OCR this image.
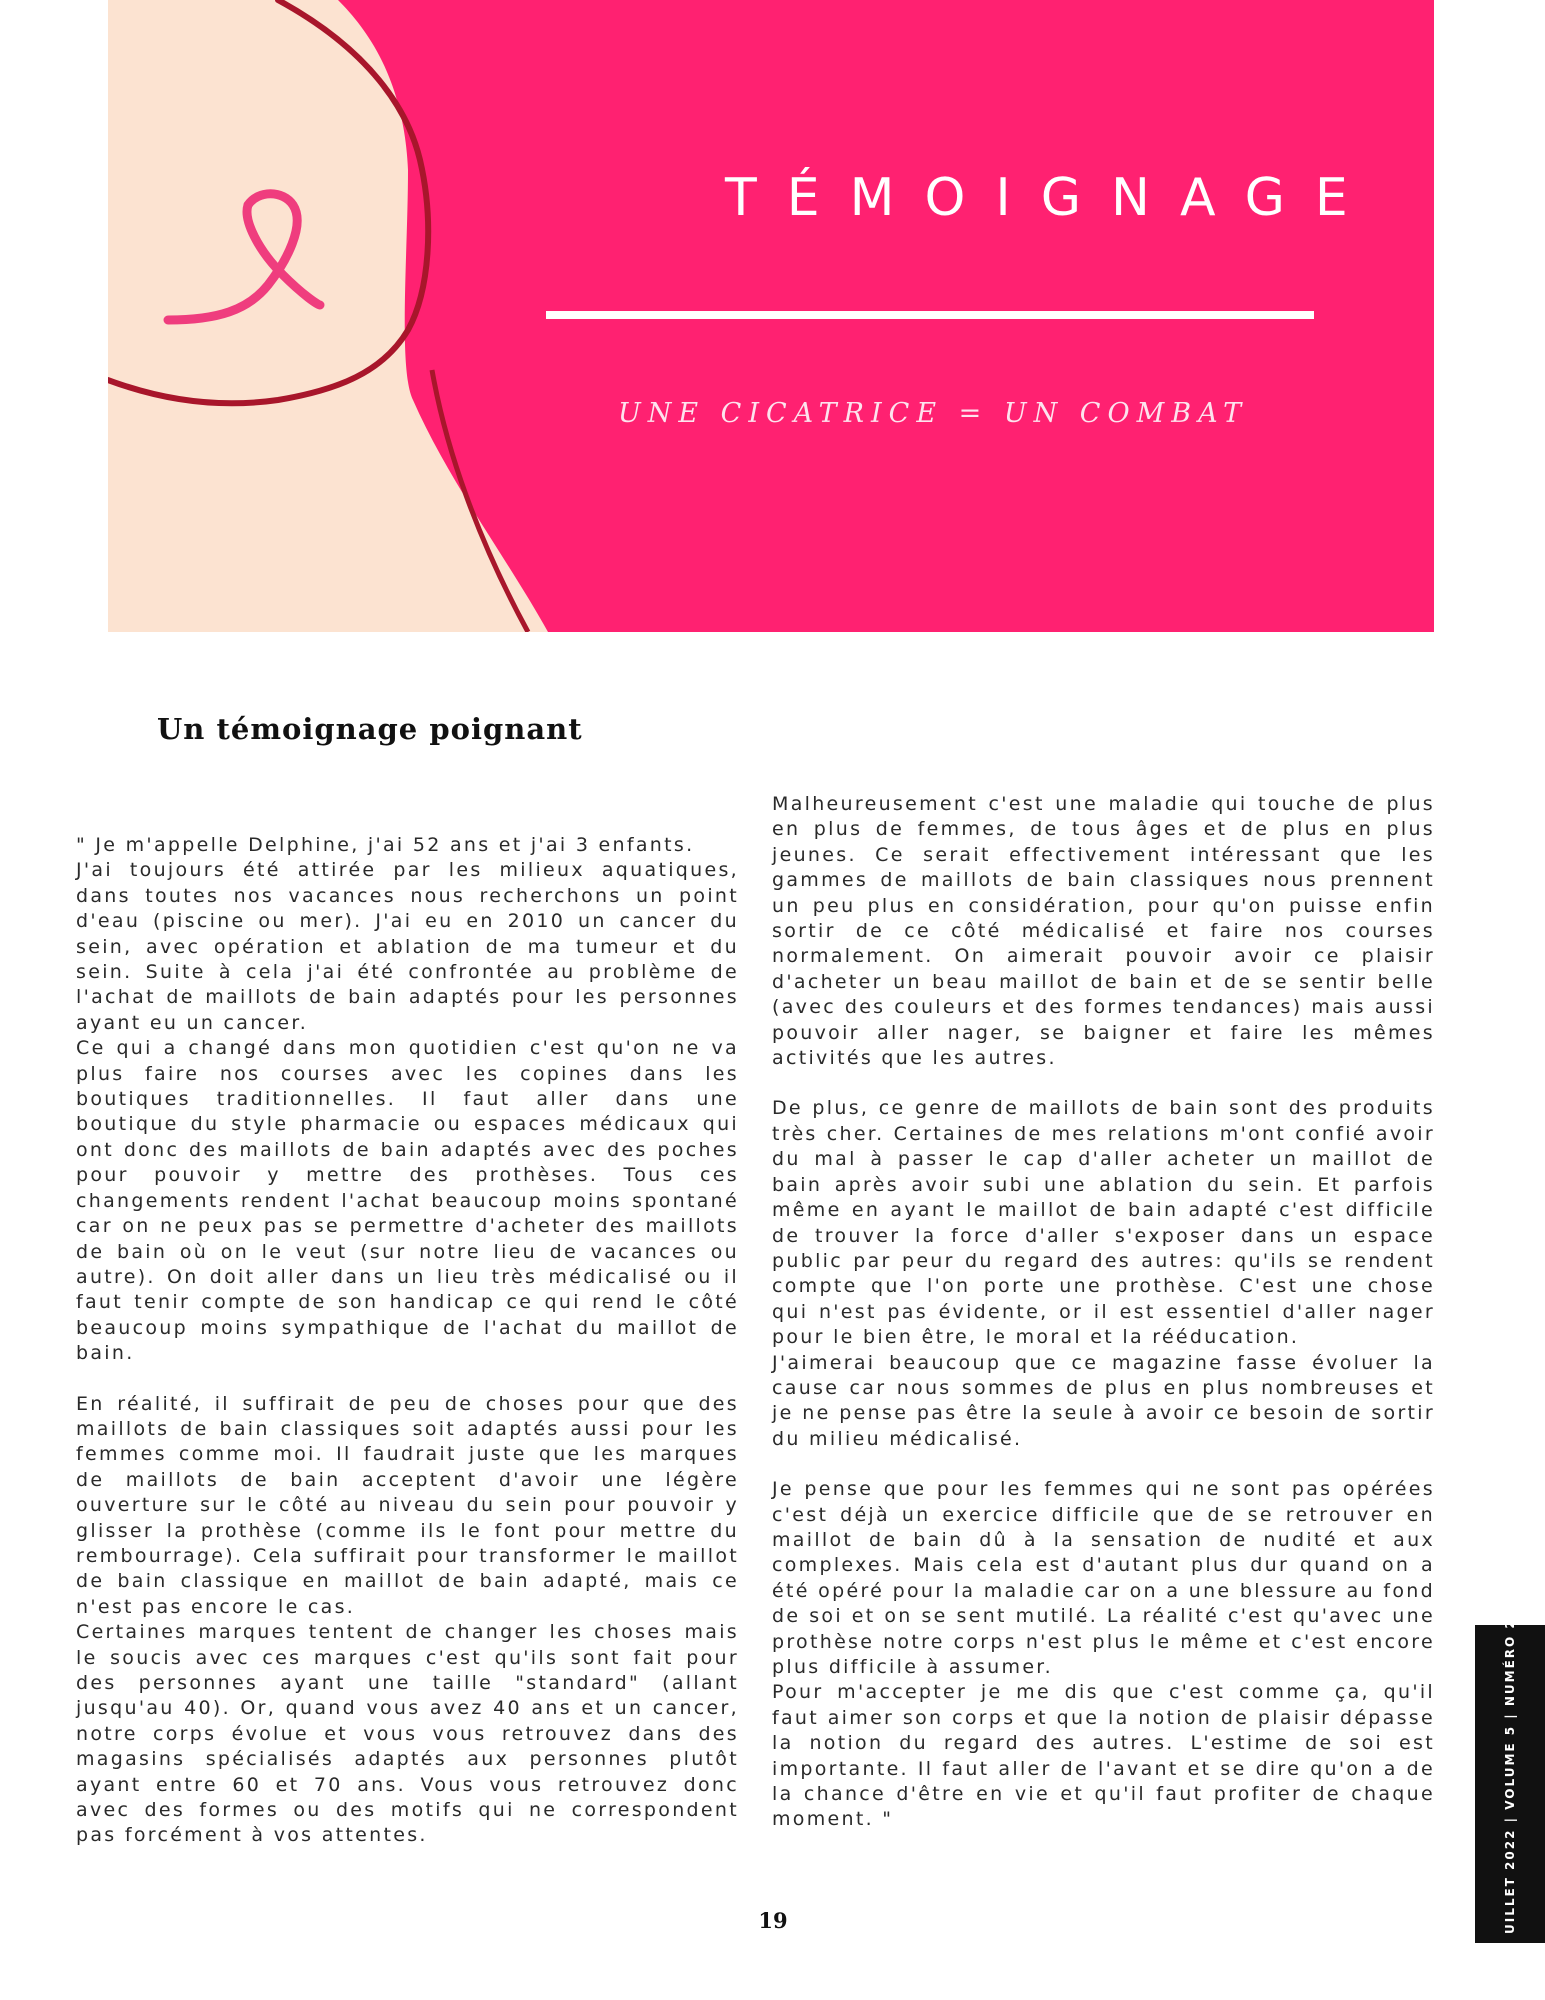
TÉMOIGNAGE
UNE CICATRICE = UN COMBAT
Un témoignage poignant

" Je m'appelle Delphine, j'ai 52 ans et j'ai 3 enfants.
J'ai toujours été attirée par les milieux aquatiques, dans toutes nos vacances nous recherchons un point d'eau (piscine ou mer). J'ai eu en 2010 un cancer du sein, avec opération et ablation de ma tumeur et du sein. Suite à cela j'ai été confrontée au problème de l'achat de maillots de bain adaptés pour les personnes ayant eu un cancer.
Ce qui a changé dans mon quotidien c'est qu'on ne va plus faire nos courses avec les copines dans les boutiques traditionnelles. Il faut aller dans une boutique du style pharmacie ou espaces médicaux qui ont donc des maillots de bain adaptés avec des poches pour pouvoir y mettre des prothèses. Tous ces changements rendent l'achat beaucoup moins spontané car on ne peux pas se permettre d'acheter des maillots de bain où on le veut (sur notre lieu de vacances ou autre). On doit aller dans un lieu très médicalisé ou il faut tenir compte de son handicap ce qui rend le côté beaucoup moins sympathique de l'achat du maillot de bain.

En réalité, il suffirait de peu de choses pour que des maillots de bain classiques soit adaptés aussi pour les femmes comme moi. Il faudrait juste que les marques de maillots de bain acceptent d'avoir une légère ouverture sur le côté au niveau du sein pour pouvoir y glisser la prothèse (comme ils le font pour mettre du rembourrage). Cela suffirait pour transformer le maillot de bain classique en maillot de bain adapté, mais ce n'est pas encore le cas.
Certaines marques tentent de changer les choses mais le soucis avec ces marques c'est qu'ils sont fait pour des personnes ayant une taille "standard" (allant jusqu'au 40). Or, quand vous avez 40 ans et un cancer, notre corps évolue et vous vous retrouvez dans des magasins spécialisés adaptés aux personnes plutôt ayant entre 60 et 70 ans. Vous vous retrouvez donc avec des formes ou des motifs qui ne correspondent pas forcément à vos attentes.

Malheureusement c'est une maladie qui touche de plus en plus de femmes, de tous âges et de plus en plus jeunes. Ce serait effectivement intéressant que les gammes de maillots de bain classiques nous prennent un peu plus en considération, pour qu'on puisse enfin sortir de ce côté médicalisé et faire nos courses normalement. On aimerait pouvoir avoir ce plaisir d'acheter un beau maillot de bain et de se sentir belle (avec des couleurs et des formes tendances) mais aussi pouvoir aller nager, se baigner et faire les mêmes activités que les autres.

De plus, ce genre de maillots de bain sont des produits très cher. Certaines de mes relations m'ont confié avoir du mal à passer le cap d'aller acheter un maillot de bain après avoir subi une ablation du sein. Et parfois même en ayant le maillot de bain adapté c'est difficile de trouver la force d'aller s'exposer dans un espace public par peur du regard des autres: qu'ils se rendent compte que l'on porte une prothèse. C'est une chose qui n'est pas évidente, or il est essentiel d'aller nager pour le bien être, le moral et la rééducation.
J'aimerai beaucoup que ce magazine fasse évoluer la cause car nous sommes de plus en plus nombreuses et je ne pense pas être la seule à avoir ce besoin de sortir du milieu médicalisé.

Je pense que pour les femmes qui ne sont pas opérées c'est déjà un exercice difficile que de se retrouver en maillot de bain dû à la sensation de nudité et aux complexes. Mais cela est d'autant plus dur quand on a été opéré pour la maladie car on a une blessure au fond de soi et on se sent mutilé. La réalité c'est qu'avec une prothèse notre corps n'est plus le même et c'est encore plus difficile à assumer.
Pour m'accepter je me dis que c'est comme ça, qu'il faut aimer son corps et que la notion de plaisir dépasse la notion du regard des autres. L'estime de soi est importante. Il faut aller de l'avant et se dire qu'on a de la chance d'être en vie et qu'il faut profiter de chaque moment. "

19	UILLET 2022 | VOLUME 5 | NUMÉRO 2
